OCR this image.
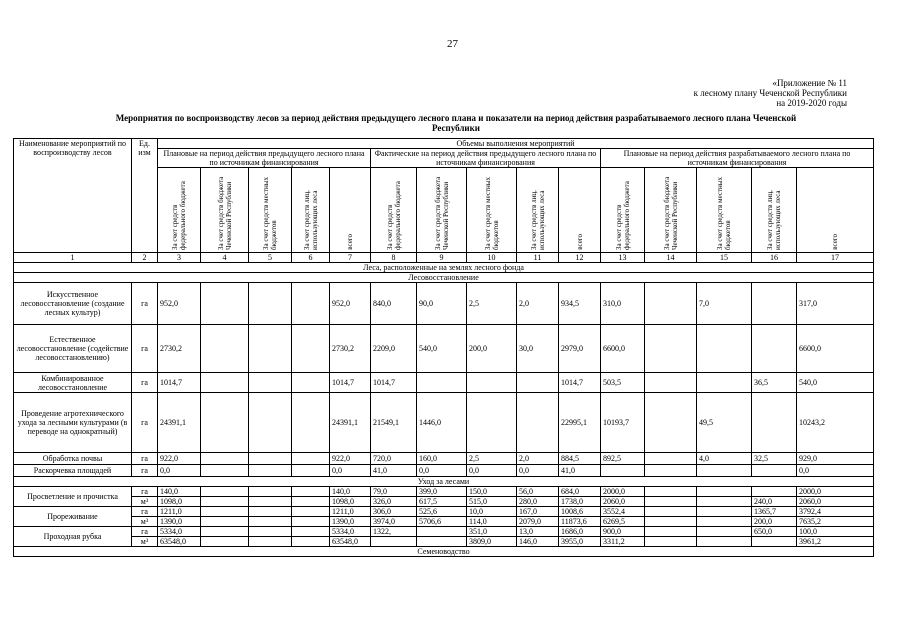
27
«Приложение № 11
к лесному плану Чеченской Республики
на 2019-2020 годы
Мероприятия по воспроизводству лесов за период действия предыдущего лесного плана и показатели на период действия разрабатываемого лесного плана Чеченской
Республики
Наименование мероприятий по воспроизводству лесов	Ед. изм	Объемы выполнения мероприятий														
		Плановые на период действия предыдущего лесного плана по источникам финансирования					Фактические на период действия предыдущего лесного плана по источникам финансирования					Плановые на период действия разрабатываемого лесного плана по источникам финансирования				
		За счет средств федерального бюджета	За счет средств бюджета Чеченской Республики	За счет средств местных бюджетов	За счет средств лиц, использующих леса	всего	За счет средств федерального бюджета	За счет средств бюджета Чеченской Республики	За счет средств местных бюджетов	За счет средств лиц, использующих леса	всего	За счет средств федерального бюджета	За счет средств бюджета Чеченской Республики	За счет средств местных бюджетов	За счет средств лиц, использующих леса	всего
1	2	3	4	5	6	7	8	9	10	11	12	13	14	15	16	17
Леса, расположенные на землях лесного фонда																
Лесовосстановление																
Искусственное лесовосстановление (создание лесных культур)	га	952,0				952,0	840,0	90,0	2,5	2,0	934,5	310,0		7,0		317,0
Естественное лесовосстановление (содействие лесовосстановлению)	га	2730,2				2730,2	2209,0	540,0	200,0	30,0	2979,0	6600,0				6600,0
Комбинированное лесовосстановление	га	1014,7				1014,7	1014,7				1014,7	503,5			36,5	540,0
Проведение агротехнического ухода за лесными культурами (в переводе на однократный)	га	24391,1				24391,1	21549,1	1446,0			22995,1	10193,7		49,5		10243,2
Обработка почвы	га	922,0				922,0	720,0	160,0	2,5	2,0	884,5	892,5		4,0	32,5	929,0
Раскорчевка площадей	га	0,0				0,0	41,0	0,0	0,0	0,0	41,0					0,0
Уход за лесами																
Просветление и прочистка	га	140,0				140,0	79,0	399,0	150,0	56,0	684,0	2000,0				2000,0
	м³	1098,0				1098,0	326,0	617,5	515,0	280,0	1738,0	2060,0			240,0	2060,0
Прореживание	га	1211,0				1211,0	306,0	525,6	10,0	167,0	1008,6	3552,4			1365,7	3792,4
	м³	1390,0				1390,0	3974,0	5706,6	114,0	2079,0	11873,6	6269,5			200,0	7635,2
Проходная рубка	га	5334,0				5334,0	1322,		351,0	13,0	1686,0	900,0			650,0	100,0
	м³	63548,0				63548,0			3809,0	146,0	3955,0	3311,2				3961,2
Семеноводство																
